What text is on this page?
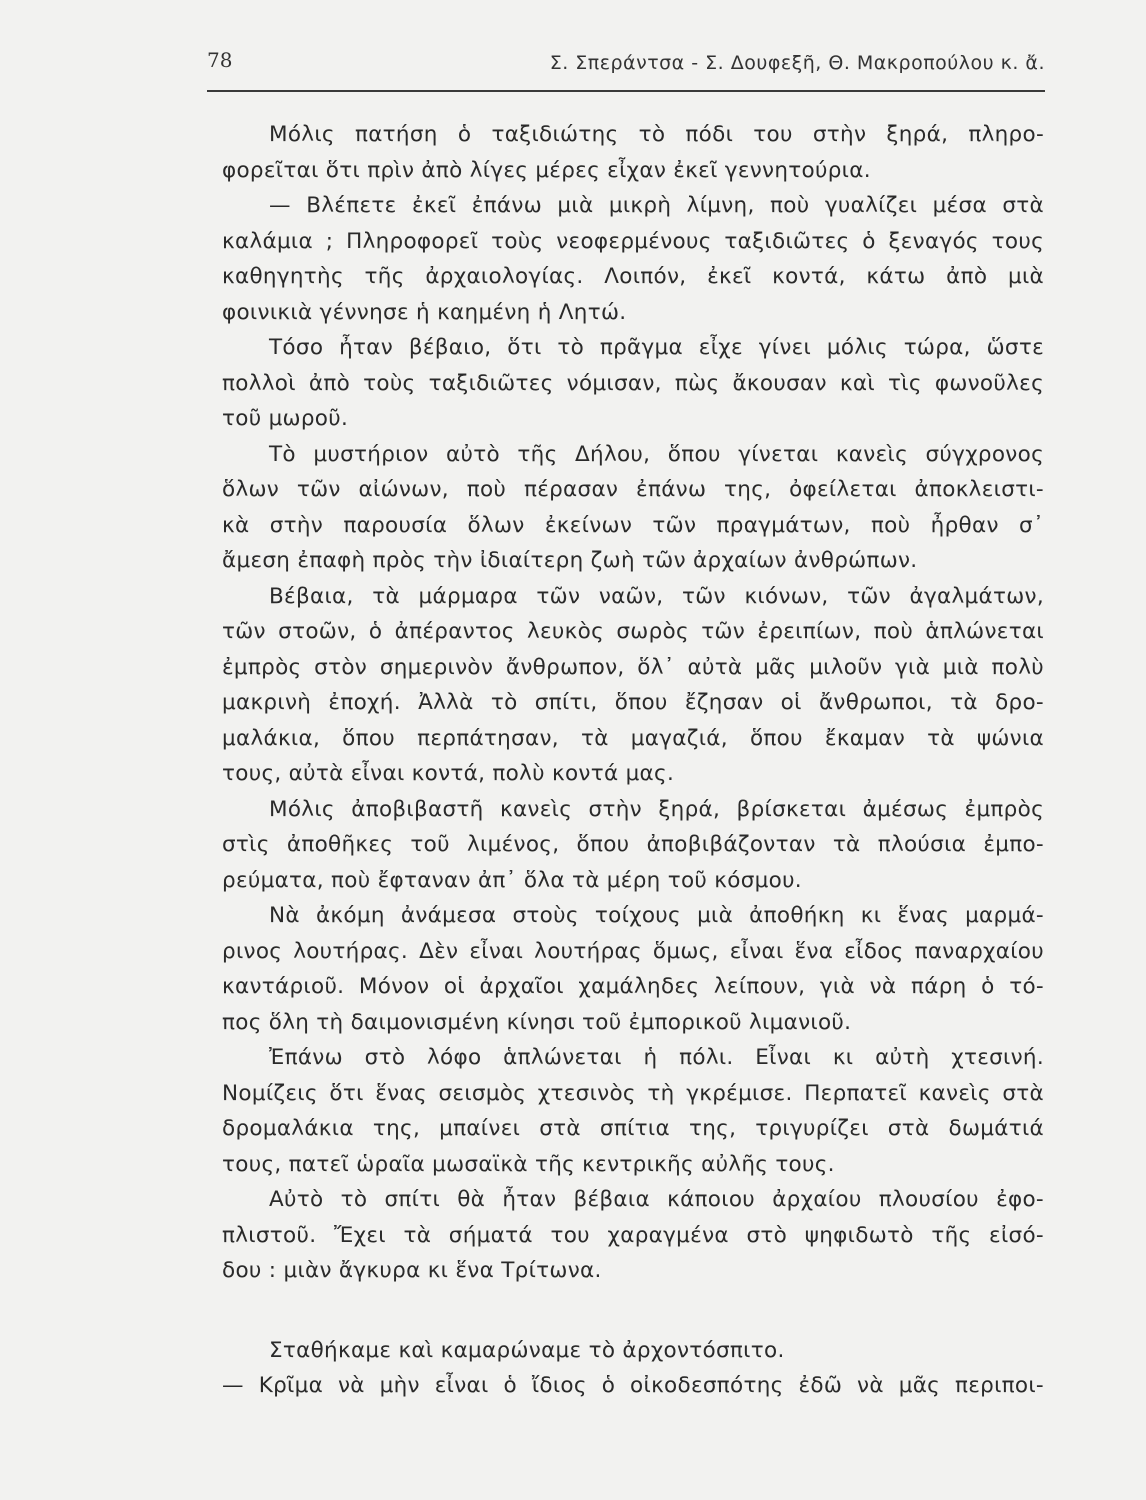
78	Σ. Σπεράντσα - Σ. Δουφεξῆ, Θ. Μακροπούλου κ. ἄ.

Μόλις πατήση ὁ ταξιδιώτης τὸ πόδι του στὴν ξηρά, πληρο-
φορεῖται ὅτι πρὶν ἀπὸ λίγες μέρες εἶχαν ἐκεῖ γεννητούρια.

— Βλέπετε ἐκεῖ ἐπάνω μιὰ μικρὴ λίμνη, ποὺ γυαλίζει μέσα στὰ
καλάμια ; Πληροφορεῖ τοὺς νεοφερμένους ταξιδιῶτες ὁ ξεναγός τους
καθηγητὴς τῆς ἀρχαιολογίας. Λοιπόν, ἐκεῖ κοντά, κάτω ἀπὸ μιὰ
φοινικιὰ γέννησε ἡ καημένη ἡ Λητώ.

Τόσο ἦταν βέβαιο, ὅτι τὸ πρᾶγμα εἶχε γίνει μόλις τώρα, ὥστε
πολλοὶ ἀπὸ τοὺς ταξιδιῶτες νόμισαν, πὼς ἄκουσαν καὶ τὶς φωνοῦλες
τοῦ μωροῦ.

Τὸ μυστήριον αὐτὸ τῆς Δήλου, ὅπου γίνεται κανεὶς σύγχρονος
ὅλων τῶν αἰώνων, ποὺ πέρασαν ἐπάνω της, ὀφείλεται ἀποκλειστι-
κὰ στὴν παρουσία ὅλων ἐκείνων τῶν πραγμάτων, ποὺ ἦρθαν σ᾽
ἄμεση ἐπαφὴ πρὸς τὴν ἰδιαίτερη ζωὴ τῶν ἀρχαίων ἀνθρώπων.

Βέβαια, τὰ μάρμαρα τῶν ναῶν, τῶν κιόνων, τῶν ἀγαλμάτων,
τῶν στοῶν, ὁ ἀπέραντος λευκὸς σωρὸς τῶν ἐρειπίων, ποὺ ἁπλώνεται
ἐμπρὸς στὸν σημερινὸν ἄνθρωπον, ὅλ᾽ αὐτὰ μᾶς μιλοῦν γιὰ μιὰ πολὺ
μακρινὴ ἐποχή. Ἀλλὰ τὸ σπίτι, ὅπου ἔζησαν οἱ ἄνθρωποι, τὰ δρο-
μαλάκια, ὅπου περπάτησαν, τὰ μαγαζιά, ὅπου ἔκαμαν τὰ ψώνια
τους, αὐτὰ εἶναι κοντά, πολὺ κοντά μας.

Μόλις ἀποβιβαστῆ κανεὶς στὴν ξηρά, βρίσκεται ἀμέσως ἐμπρὸς
στὶς ἀποθῆκες τοῦ λιμένος, ὅπου ἀποβιβάζονταν τὰ πλούσια ἐμπο-
ρεύματα, ποὺ ἔφταναν ἀπ᾽ ὅλα τὰ μέρη τοῦ κόσμου.

Νὰ ἀκόμη ἀνάμεσα στοὺς τοίχους μιὰ ἀποθήκη κι ἕνας μαρμά-
ρινος λουτήρας. Δὲν εἶναι λουτήρας ὅμως, εἶναι ἕνα εἶδος παναρχαίου
καντάριοῦ. Μόνον οἱ ἀρχαῖοι χαμάληδες λείπουν, γιὰ νὰ πάρη ὁ τό-
πος ὅλη τὴ δαιμονισμένη κίνησι τοῦ ἐμπορικοῦ λιμανιοῦ.

Ἐπάνω στὸ λόφο ἁπλώνεται ἡ πόλι. Εἶναι κι αὐτὴ χτεσινή.
Νομίζεις ὅτι ἕνας σεισμὸς χτεσινὸς τὴ γκρέμισε. Περπατεῖ κανεὶς στὰ
δρομαλάκια της, μπαίνει στὰ σπίτια της, τριγυρίζει στὰ δωμάτιά
τους, πατεῖ ὡραῖα μωσαϊκὰ τῆς κεντρικῆς αὐλῆς τους.

Αὐτὸ τὸ σπίτι θὰ ἦταν βέβαια κάποιου ἀρχαίου πλουσίου ἐφο-
πλιστοῦ. Ἔχει τὰ σήματά του χαραγμένα στὸ ψηφιδωτὸ τῆς εἰσό-
δου : μιὰν ἄγκυρα κι ἕνα Τρίτωνα.

Σταθήκαμε καὶ καμαρώναμε τὸ ἀρχοντόσπιτο.

— Κρῖμα νὰ μὴν εἶναι ὁ ἴδιος ὁ οἰκοδεσπότης ἐδῶ νὰ μᾶς περιποι-
